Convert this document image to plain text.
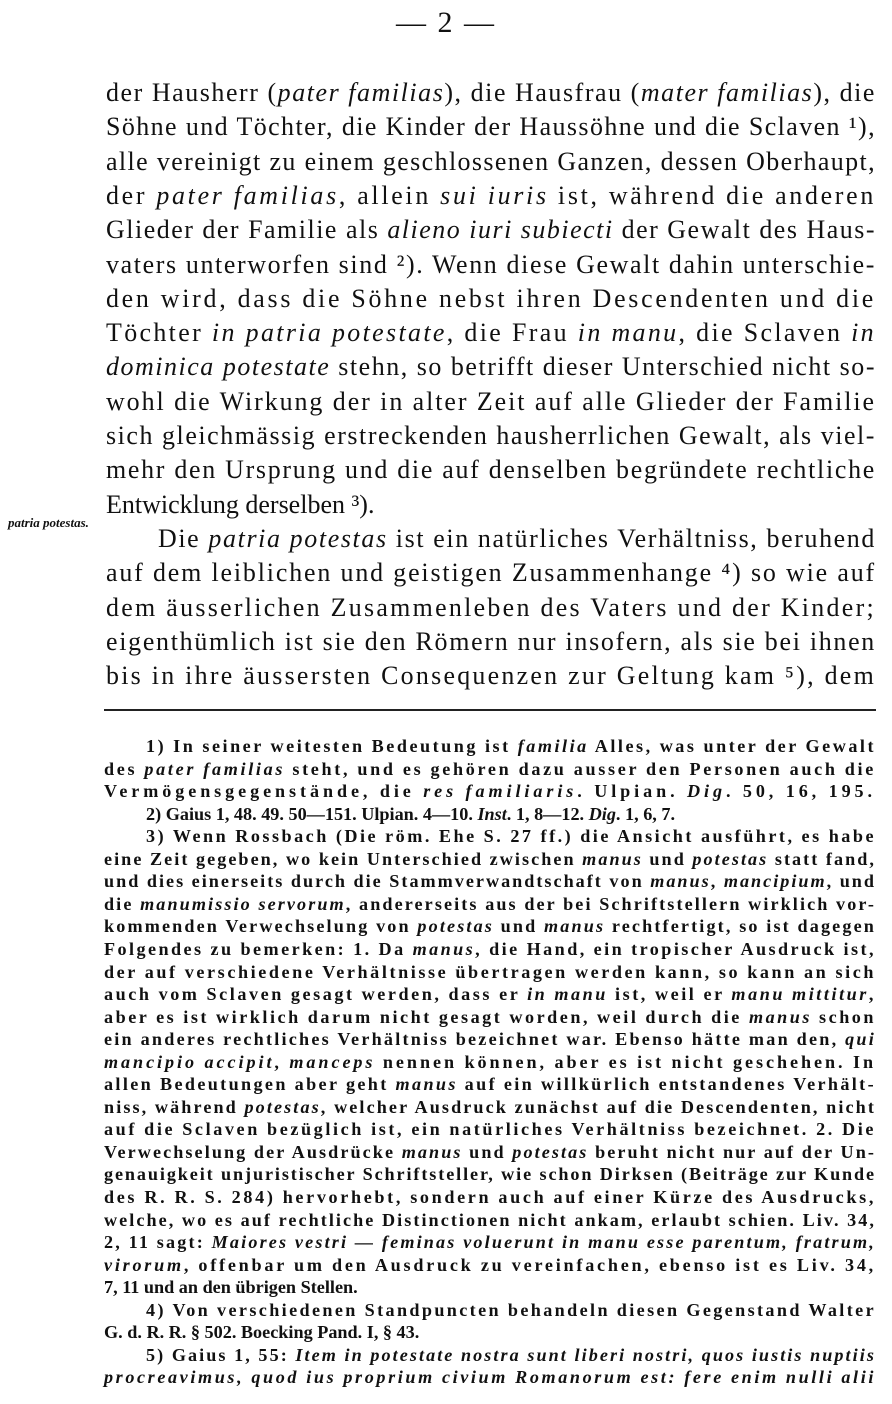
— 2 —
patria potestas.
der Hausherr (pater familias), die Hausfrau (mater familias), die
Söhne und Töchter, die Kinder der Haussöhne und die Sclaven ¹),
alle vereinigt zu einem geschlossenen Ganzen, dessen Oberhaupt,
der pater familias, allein sui iuris ist, während die anderen
Glieder der Familie als alieno iuri subiecti der Gewalt des Haus-
vaters unterworfen sind ²). Wenn diese Gewalt dahin unterschie-
den wird, dass die Söhne nebst ihren Descendenten und die
Töchter in patria potestate, die Frau in manu, die Sclaven in
dominica potestate stehn, so betrifft dieser Unterschied nicht so-
wohl die Wirkung der in alter Zeit auf alle Glieder der Familie
sich gleichmässig erstreckenden hausherrlichen Gewalt, als viel-
mehr den Ursprung und die auf denselben begründete rechtliche
Entwicklung derselben ³).
Die patria potestas ist ein natürliches Verhältniss, beruhend
auf dem leiblichen und geistigen Zusammenhange ⁴) so wie auf
dem äusserlichen Zusammenleben des Vaters und der Kinder;
eigenthümlich ist sie den Römern nur insofern, als sie bei ihnen
bis in ihre äussersten Consequenzen zur Geltung kam ⁵), dem
1) In seiner weitesten Bedeutung ist familia Alles, was unter der Gewalt
des pater familias steht, und es gehören dazu ausser den Personen auch die
Vermögensgegenstände, die res familiaris. Ulpian. Dig. 50, 16, 195.
2) Gaius 1, 48. 49. 50—151. Ulpian. 4—10. Inst. 1, 8—12. Dig. 1, 6, 7.
3) Wenn Rossbach (Die röm. Ehe S. 27 ff.) die Ansicht ausführt, es habe
eine Zeit gegeben, wo kein Unterschied zwischen manus und potestas statt fand,
und dies einerseits durch die Stammverwandtschaft von manus, mancipium, und
die manumissio servorum, andererseits aus der bei Schriftstellern wirklich vor-
kommenden Verwechselung von potestas und manus rechtfertigt, so ist dagegen
Folgendes zu bemerken: 1. Da manus, die Hand, ein tropischer Ausdruck ist,
der auf verschiedene Verhältnisse übertragen werden kann, so kann an sich
auch vom Sclaven gesagt werden, dass er in manu ist, weil er manu mittitur,
aber es ist wirklich darum nicht gesagt worden, weil durch die manus schon
ein anderes rechtliches Verhältniss bezeichnet war. Ebenso hätte man den, qui
mancipio accipit, manceps nennen können, aber es ist nicht geschehen. In
allen Bedeutungen aber geht manus auf ein willkürlich entstandenes Verhält-
niss, während potestas, welcher Ausdruck zunächst auf die Descendenten, nicht
auf die Sclaven bezüglich ist, ein natürliches Verhältniss bezeichnet. 2. Die
Verwechselung der Ausdrücke manus und potestas beruht nicht nur auf der Un-
genauigkeit unjuristischer Schriftsteller, wie schon Dirksen (Beiträge zur Kunde
des R. R. S. 284) hervorhebt, sondern auch auf einer Kürze des Ausdrucks,
welche, wo es auf rechtliche Distinctionen nicht ankam, erlaubt schien. Liv. 34,
2, 11 sagt: Maiores vestri — feminas voluerunt in manu esse parentum, fratrum,
virorum, offenbar um den Ausdruck zu vereinfachen, ebenso ist es Liv. 34,
7, 11 und an den übrigen Stellen.
4) Von verschiedenen Standpuncten behandeln diesen Gegenstand Walter
G. d. R. R. § 502. Boecking Pand. I, § 43.
5) Gaius 1, 55: Item in potestate nostra sunt liberi nostri, quos iustis nuptiis
procreavimus, quod ius proprium civium Romanorum est: fere enim nulli alii
